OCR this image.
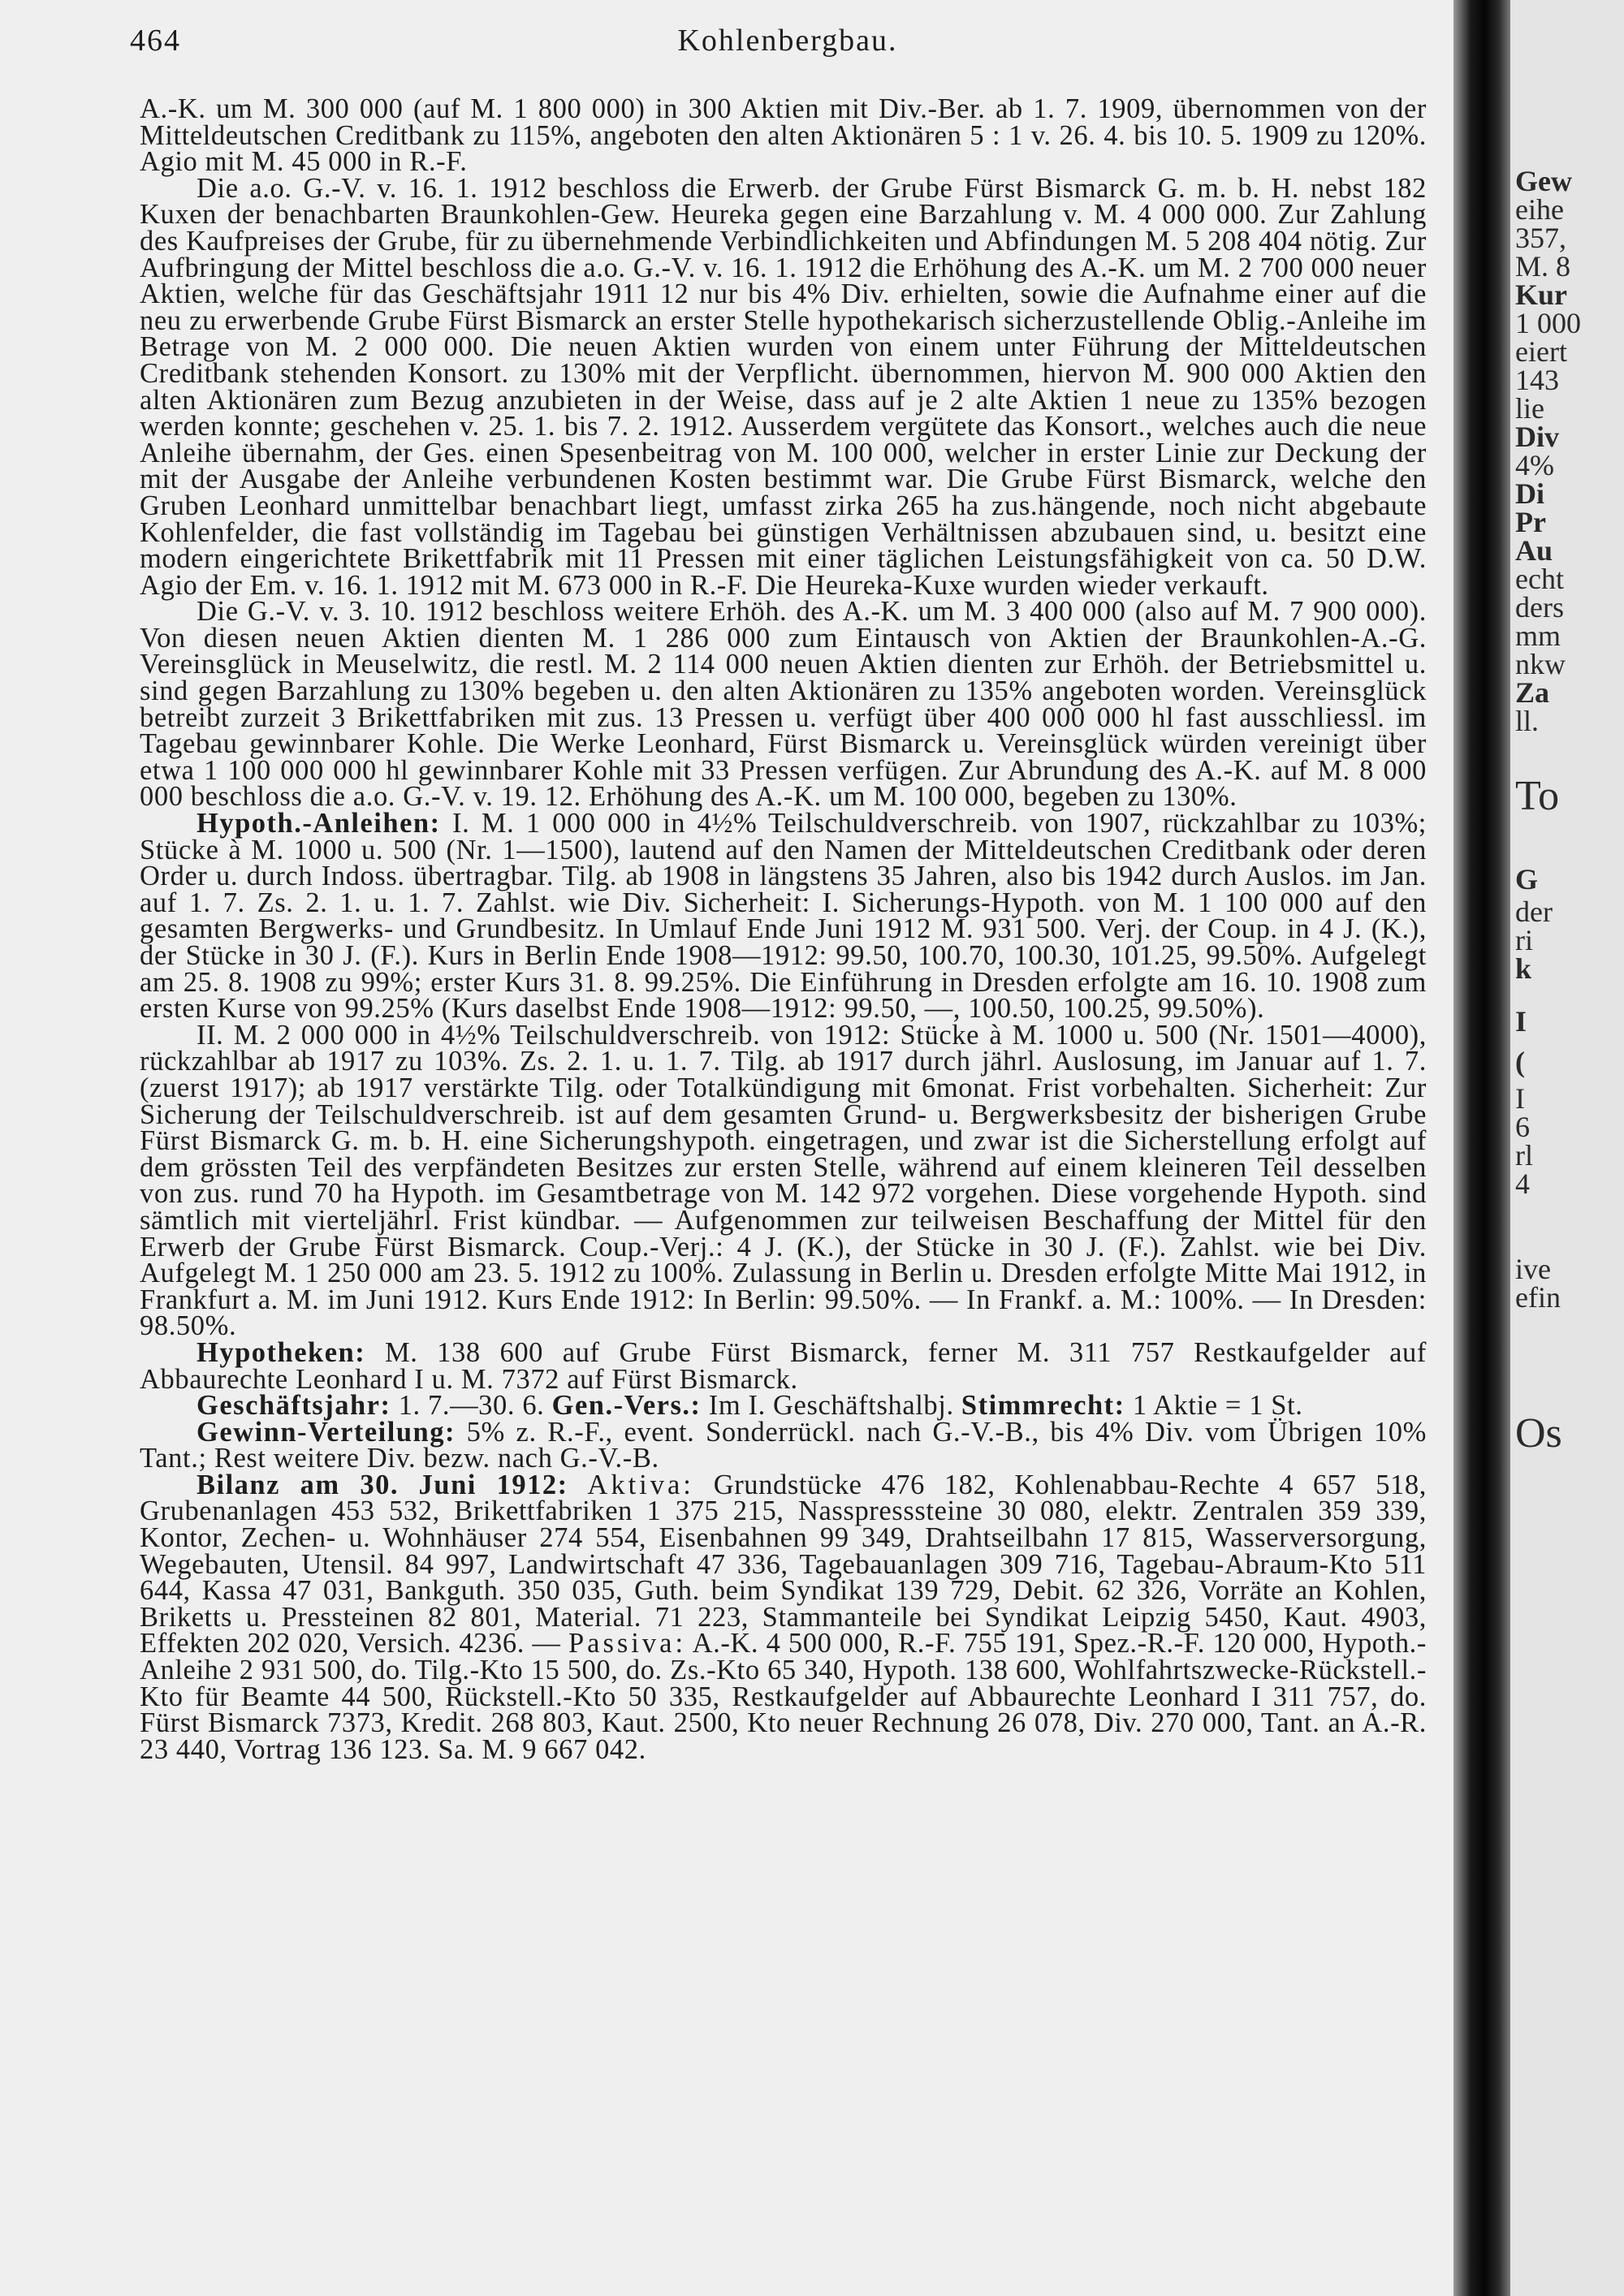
464	Kohlenbergbau.

A.-K. um M. 300 000 (auf M. 1 800 000) in 300 Aktien mit Div.-Ber. ab 1. 7. 1909, übernommen von der Mitteldeutschen Creditbank zu 115%, angeboten den alten Aktionären 5 : 1 v. 26. 4. bis 10. 5. 1909 zu 120%. Agio mit M. 45 000 in R.-F.

Die a.o. G.-V. v. 16. 1. 1912 beschloss die Erwerb. der Grube Fürst Bismarck G. m. b. H. nebst 182 Kuxen der benachbarten Braunkohlen-Gew. Heureka gegen eine Barzahlung v. M. 4 000 000. Zur Zahlung des Kaufpreises der Grube, für zu übernehmende Verbindlichkeiten und Abfindungen M. 5 208 404 nötig. Zur Aufbringung der Mittel beschloss die a.o. G.-V. v. 16. 1. 1912 die Erhöhung des A.-K. um M. 2 700 000 neuer Aktien, welche für das Geschäftsjahr 1911 12 nur bis 4% Div. erhielten, sowie die Aufnahme einer auf die neu zu erwerbende Grube Fürst Bismarck an erster Stelle hypothekarisch sicherzustellende Oblig.-Anleihe im Betrage von M. 2 000 000. Die neuen Aktien wurden von einem unter Führung der Mitteldeutschen Creditbank stehenden Konsort. zu 130% mit der Verpflicht. übernommen, hiervon M. 900 000 Aktien den alten Aktionären zum Bezug anzubieten in der Weise, dass auf je 2 alte Aktien 1 neue zu 135% bezogen werden konnte; geschehen v. 25. 1. bis 7. 2. 1912. Ausserdem vergütete das Konsort., welches auch die neue Anleihe übernahm, der Ges. einen Spesenbeitrag von M. 100 000, welcher in erster Linie zur Deckung der mit der Ausgabe der Anleihe verbundenen Kosten bestimmt war. Die Grube Fürst Bismarck, welche den Gruben Leonhard unmittelbar benachbart liegt, umfasst zirka 265 ha zus.hängende, noch nicht abgebaute Kohlenfelder, die fast vollständig im Tagebau bei günstigen Verhältnissen abzubauen sind, u. besitzt eine modern eingerichtete Brikettfabrik mit 11 Pressen mit einer täglichen Leistungsfähigkeit von ca. 50 D.W. Agio der Em. v. 16. 1. 1912 mit M. 673 000 in R.-F. Die Heureka-Kuxe wurden wieder verkauft.

Die G.-V. v. 3. 10. 1912 beschloss weitere Erhöh. des A.-K. um M. 3 400 000 (also auf M. 7 900 000). Von diesen neuen Aktien dienten M. 1 286 000 zum Eintausch von Aktien der Braunkohlen-A.-G. Vereinsglück in Meuselwitz, die restl. M. 2 114 000 neuen Aktien dienten zur Erhöh. der Betriebsmittel u. sind gegen Barzahlung zu 130% begeben u. den alten Aktionären zu 135% angeboten worden. Vereinsglück betreibt zurzeit 3 Brikettfabriken mit zus. 13 Pressen u. verfügt über 400 000 000 hl fast ausschliessl. im Tagebau gewinnbarer Kohle. Die Werke Leonhard, Fürst Bismarck u. Vereinsglück würden vereinigt über etwa 1 100 000 000 hl gewinnbarer Kohle mit 33 Pressen verfügen. Zur Abrundung des A.-K. auf M. 8 000 000 beschloss die a.o. G.-V. v. 19. 12. Erhöhung des A.-K. um M. 100 000, begeben zu 130%.

Hypoth.-Anleihen: I. M. 1 000 000 in 4½% Teilschuldverschreib. von 1907, rückzahlbar zu 103%; Stücke à M. 1000 u. 500 (Nr. 1—1500), lautend auf den Namen der Mitteldeutschen Creditbank oder deren Order u. durch Indoss. übertragbar. Tilg. ab 1908 in längstens 35 Jahren, also bis 1942 durch Auslos. im Jan. auf 1. 7. Zs. 2. 1. u. 1. 7. Zahlst. wie Div. Sicherheit: I. Sicherungs-Hypoth. von M. 1 100 000 auf den gesamten Bergwerks- und Grundbesitz. In Umlauf Ende Juni 1912 M. 931 500. Verj. der Coup. in 4 J. (K.), der Stücke in 30 J. (F.). Kurs in Berlin Ende 1908—1912: 99.50, 100.70, 100.30, 101.25, 99.50%. Aufgelegt am 25. 8. 1908 zu 99%; erster Kurs 31. 8. 99.25%. Die Einführung in Dresden erfolgte am 16. 10. 1908 zum ersten Kurse von 99.25% (Kurs daselbst Ende 1908—1912: 99.50, —, 100.50, 100.25, 99.50%).

II. M. 2 000 000 in 4½% Teilschuldverschreib. von 1912: Stücke à M. 1000 u. 500 (Nr. 1501—4000), rückzahlbar ab 1917 zu 103%. Zs. 2. 1. u. 1. 7. Tilg. ab 1917 durch jährl. Auslosung, im Januar auf 1. 7. (zuerst 1917); ab 1917 verstärkte Tilg. oder Totalkündigung mit 6monat. Frist vorbehalten. Sicherheit: Zur Sicherung der Teilschuldverschreib. ist auf dem gesamten Grund- u. Bergwerksbesitz der bisherigen Grube Fürst Bismarck G. m. b. H. eine Sicherungshypoth. eingetragen, und zwar ist die Sicherstellung erfolgt auf dem grössten Teil des verpfändeten Besitzes zur ersten Stelle, während auf einem kleineren Teil desselben von zus. rund 70 ha Hypoth. im Gesamtbetrage von M. 142 972 vorgehen. Diese vorgehende Hypoth. sind sämtlich mit vierteljährl. Frist kündbar. — Aufgenommen zur teilweisen Beschaffung der Mittel für den Erwerb der Grube Fürst Bismarck. Coup.-Verj.: 4 J. (K.), der Stücke in 30 J. (F.). Zahlst. wie bei Div. Aufgelegt M. 1 250 000 am 23. 5. 1912 zu 100%. Zulassung in Berlin u. Dresden erfolgte Mitte Mai 1912, in Frankfurt a. M. im Juni 1912. Kurs Ende 1912: In Berlin: 99.50%. — In Frankf. a. M.: 100%. — In Dresden: 98.50%.

Hypotheken: M. 138 600 auf Grube Fürst Bismarck, ferner M. 311 757 Restkaufgelder auf Abbaurechte Leonhard I u. M. 7372 auf Fürst Bismarck.

Geschäftsjahr: 1. 7.—30. 6. Gen.-Vers.: Im I. Geschäftshalbj. Stimmrecht: 1 Aktie = 1 St.

Gewinn-Verteilung: 5% z. R.-F., event. Sonderrückl. nach G.-V.-B., bis 4% Div. vom Übrigen 10% Tant.; Rest weitere Div. bezw. nach G.-V.-B.

Bilanz am 30. Juni 1912: Aktiva: Grundstücke 476 182, Kohlenabbau-Rechte 4 657 518, Grubenanlagen 453 532, Brikettfabriken 1 375 215, Nasspresssteine 30 080, elektr. Zentralen 359 339, Kontor, Zechen- u. Wohnhäuser 274 554, Eisenbahnen 99 349, Drahtseilbahn 17 815, Wasserversorgung, Wegebauten, Utensil. 84 997, Landwirtschaft 47 336, Tagebauanlagen 309 716, Tagebau-Abraum-Kto 511 644, Kassa 47 031, Bankguth. 350 035, Guth. beim Syndikat 139 729, Debit. 62 326, Vorräte an Kohlen, Briketts u. Pressteinen 82 801, Material. 71 223, Stammanteile bei Syndikat Leipzig 5450, Kaut. 4903, Effekten 202 020, Versich. 4236. — Passiva: A.-K. 4 500 000, R.-F. 755 191, Spez.-R.-F. 120 000, Hypoth.-Anleihe 2 931 500, do. Tilg.-Kto 15 500, do. Zs.-Kto 65 340, Hypoth. 138 600, Wohlfahrtszwecke-Rückstell.-Kto für Beamte 44 500, Rückstell.-Kto 50 335, Restkaufgelder auf Abbaurechte Leonhard I 311 757, do. Fürst Bismarck 7373, Kredit. 268 803, Kaut. 2500, Kto neuer Rechnung 26 078, Div. 270 000, Tant. an A.-R. 23 440, Vortrag 136 123. Sa. M. 9 667 042.

Gew
eihe
357,
M. 8
Kur
1 000
eiert
143
lie
Div
4%
Di
Pr
Au
echt
ders
mm
nkw
Za
ll.
To
G
der
ri
k
I
(
I
6
rl
4
ive
efin
Os
